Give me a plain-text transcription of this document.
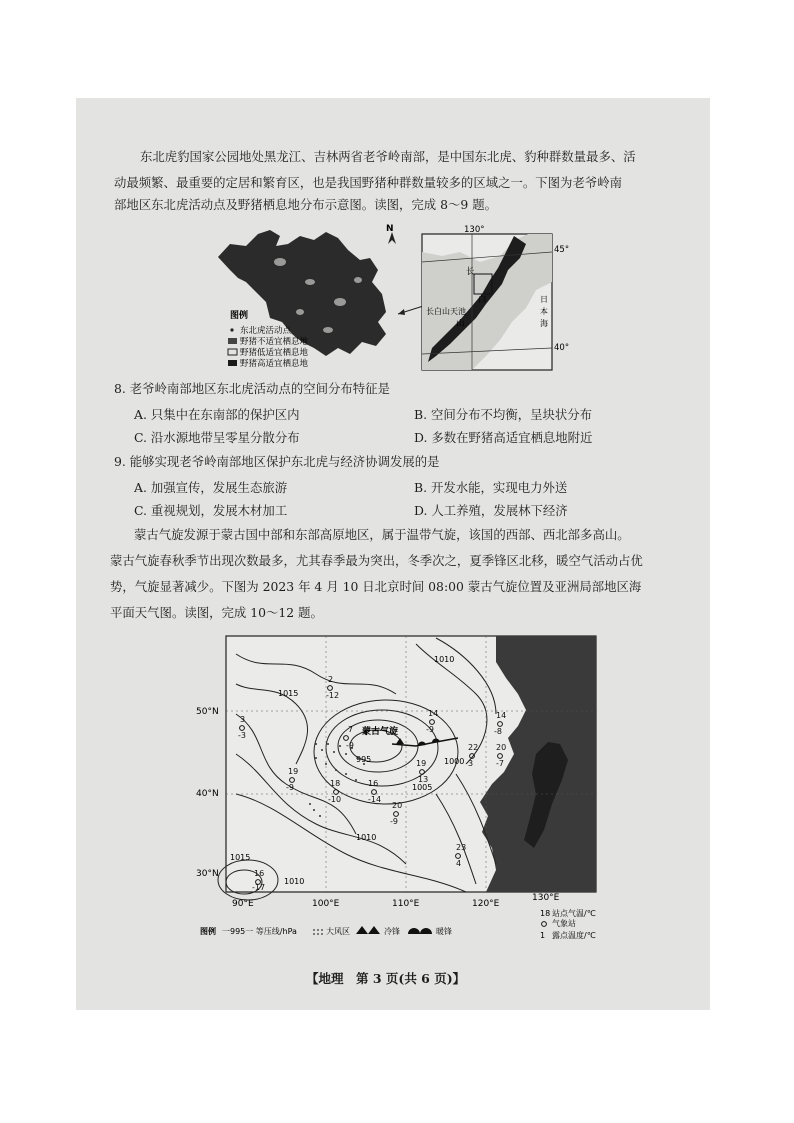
东北虎豹国家公园地处黑龙江、吉林两省老爷岭南部，是中国东北虎、豹种群数量最多、活
动最频繁、最重要的定居和繁育区，也是我国野猪种群数量较多的区域之一。下图为老爷岭南
部地区东北虎活动点及野猪栖息地分布示意图。读图，完成 8～9 题。
N
图例
东北虎活动点
野猪不适宜栖息地
野猪低适宜栖息地
野猪高适宜栖息地
130°
45°
40°
长
白
长白山天池
山
日
本
海
8. 老爷岭南部地区东北虎活动点的空间分布特征是
A. 只集中在东南部的保护区内	B. 空间分布不均衡，呈块状分布
C. 沿水源地带呈零星分散分布	D. 多数在野猪高适宜栖息地附近
9. 能够实现老爷岭南部地区保护东北虎与经济协调发展的是
A. 加强宣传，发展生态旅游	B. 开发水能，实现电力外送
C. 重视规划，发展木材加工	D. 人工养殖，发展林下经济
蒙古气旋发源于蒙古国中部和东部高原地区，属于温带气旋，该国的西部、西北部多高山。
蒙古气旋春秋季节出现次数最多，尤其春季最为突出，冬季次之，夏季锋区北移，暖空气活动占优
势，气旋显著减少。下图为 2023 年 4 月 10 日北京时间 08:00 蒙古气旋位置及亚洲局部地区海
平面天气图。读图，完成 10～12 题。
1010
1015
1010
1015
1010
995	1000
1005
蒙古气旋
2
-12
3
-3
7
-9
14
-9
14
-8
19
-9	18
-10
16
-14
19
13
20
-9
22
3
20
-7
23
4
16
-17
50°N
40°N
30°N
90°E	100°E	110°E	120°E
130°E
图例 一995一 等压线/hPa	大风区	冷锋	暖锋
18 站点气温/℃
气象站
1 露点温度/℃
【地理　第 3 页(共 6 页)】
